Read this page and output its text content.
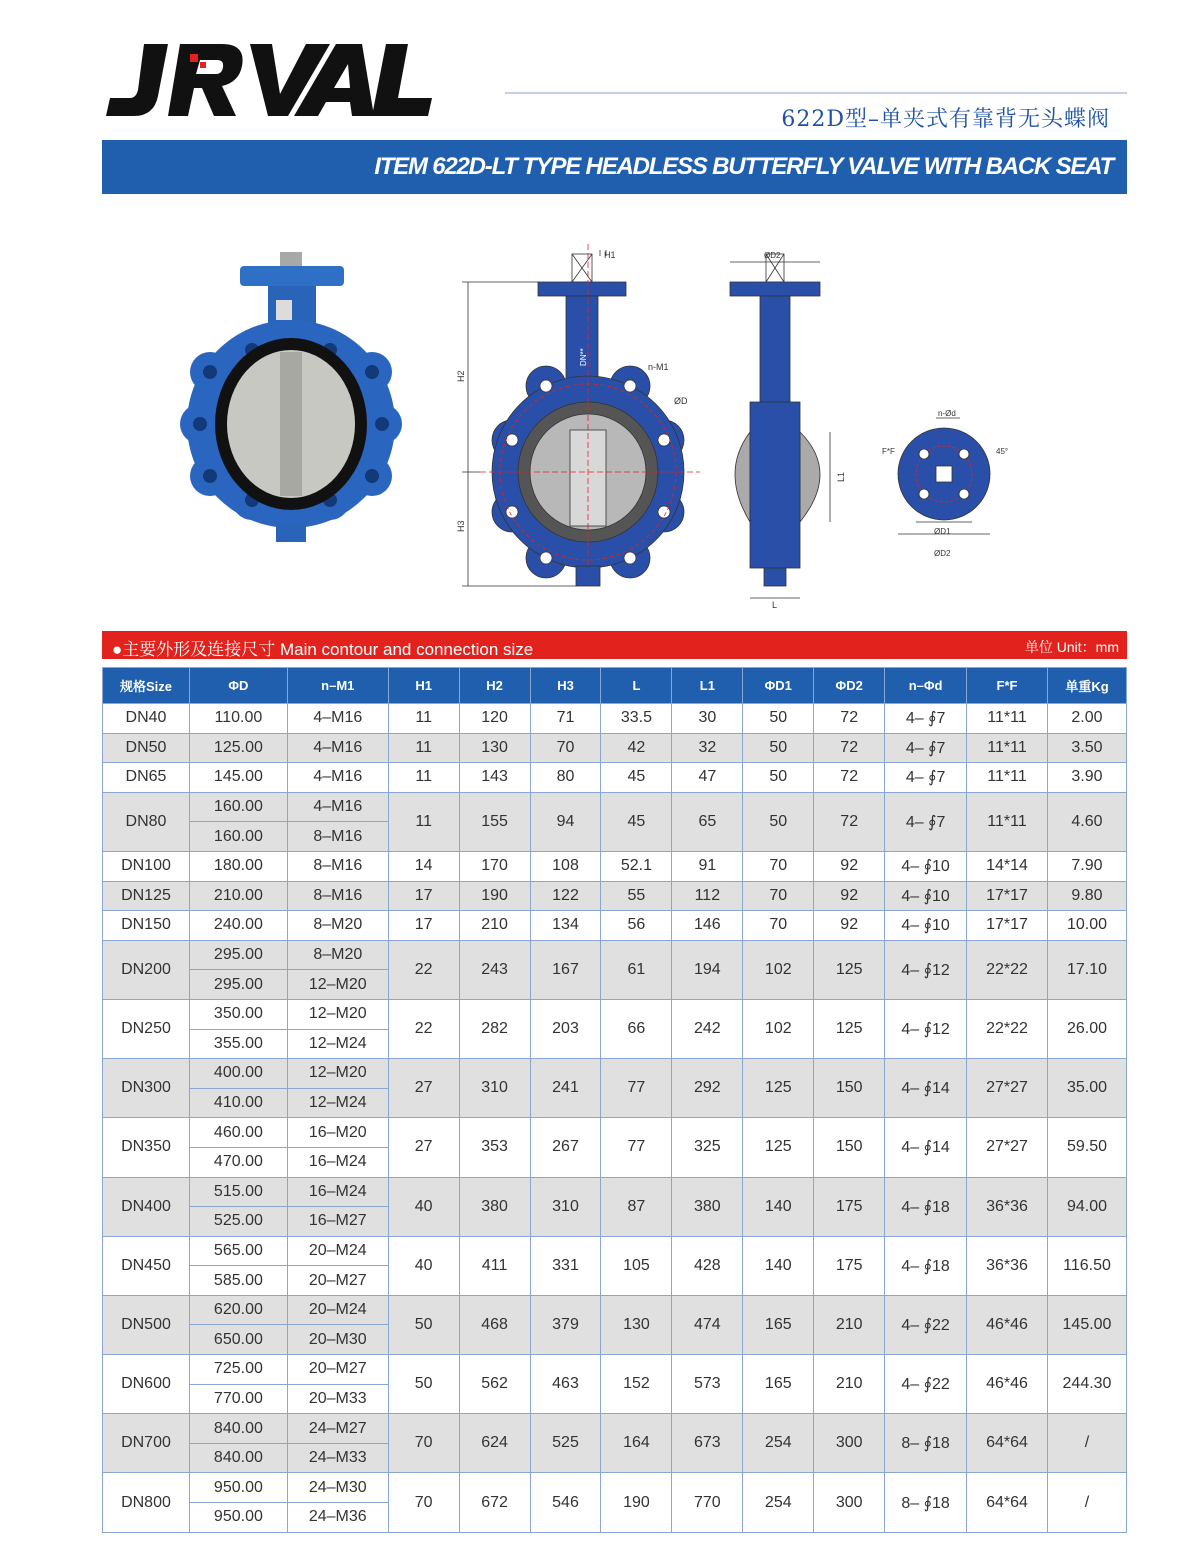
JRVAL
622D型–单夹式有靠背无头蝶阀
ITEM 622D-LT TYPE HEADLESS BUTTERFLY VALVE WITH BACK SEAT
H1
H2
H3
DN**
n-M1
ØD
ØD2
L1
L
n-Ød
F*F	45°
ØD1
ØD2
●主要外形及连接尺寸 Main contour and connection size	单位 Unit：mm
规格Size	ΦD	n–M1	H1	H2	H3	L	L1	ΦD1	ΦD2	n–Φd	F*F	单重Kg
DN40	110.00	4–M16	11	120	71	33.5	30	50	72	4– ∮7	11*11	2.00
DN50	125.00	4–M16	11	130	70	42	32	50	72	4– ∮7	11*11	3.50
DN65	145.00	4–M16	11	143	80	45	47	50	72	4– ∮7	11*11	3.90
DN80	160.00	4–M16	11	155	94	45	65	50	72	4– ∮7	11*11	4.60
	160.00	8–M16										
DN100	180.00	8–M16	14	170	108	52.1	91	70	92	4– ∮10	14*14	7.90
DN125	210.00	8–M16	17	190	122	55	112	70	92	4– ∮10	17*17	9.80
DN150	240.00	8–M20	17	210	134	56	146	70	92	4– ∮10	17*17	10.00
DN200	295.00	8–M20	22	243	167	61	194	102	125	4– ∮12	22*22	17.10
	295.00	12–M20										
DN250	350.00	12–M20	22	282	203	66	242	102	125	4– ∮12	22*22	26.00
	355.00	12–M24										
DN300	400.00	12–M20	27	310	241	77	292	125	150	4– ∮14	27*27	35.00
	410.00	12–M24										
DN350	460.00	16–M20	27	353	267	77	325	125	150	4– ∮14	27*27	59.50
	470.00	16–M24										
DN400	515.00	16–M24	40	380	310	87	380	140	175	4– ∮18	36*36	94.00
	525.00	16–M27										
DN450	565.00	20–M24	40	411	331	105	428	140	175	4– ∮18	36*36	116.50
	585.00	20–M27										
DN500	620.00	20–M24	50	468	379	130	474	165	210	4– ∮22	46*46	145.00
	650.00	20–M30										
DN600	725.00	20–M27	50	562	463	152	573	165	210	4– ∮22	46*46	244.30
	770.00	20–M33										
DN700	840.00	24–M27	70	624	525	164	673	254	300	8– ∮18	64*64	/
	840.00	24–M33										
DN800	950.00	24–M30	70	672	546	190	770	254	300	8– ∮18	64*64	/
	950.00	24–M36										
